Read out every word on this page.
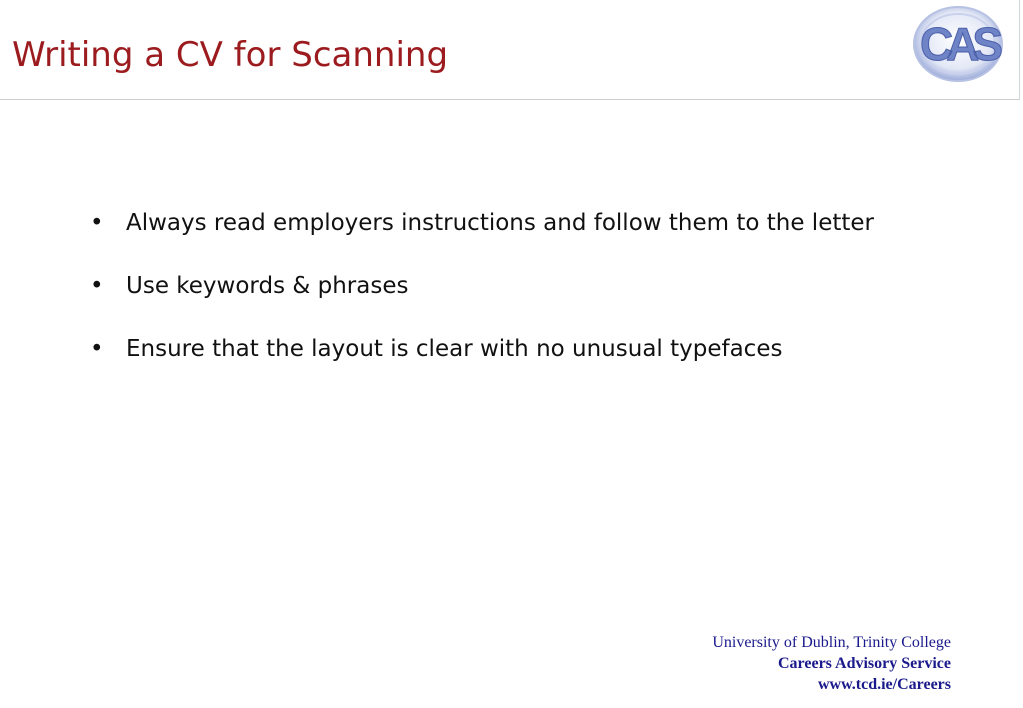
Writing a CV for Scanning	CAS
• Always read employers instructions and follow them to the letter
• Use keywords & phrases
• Ensure that the layout is clear with no unusual typefaces
University of Dublin, Trinity College
Careers Advisory Service
www.tcd.ie/Careers
